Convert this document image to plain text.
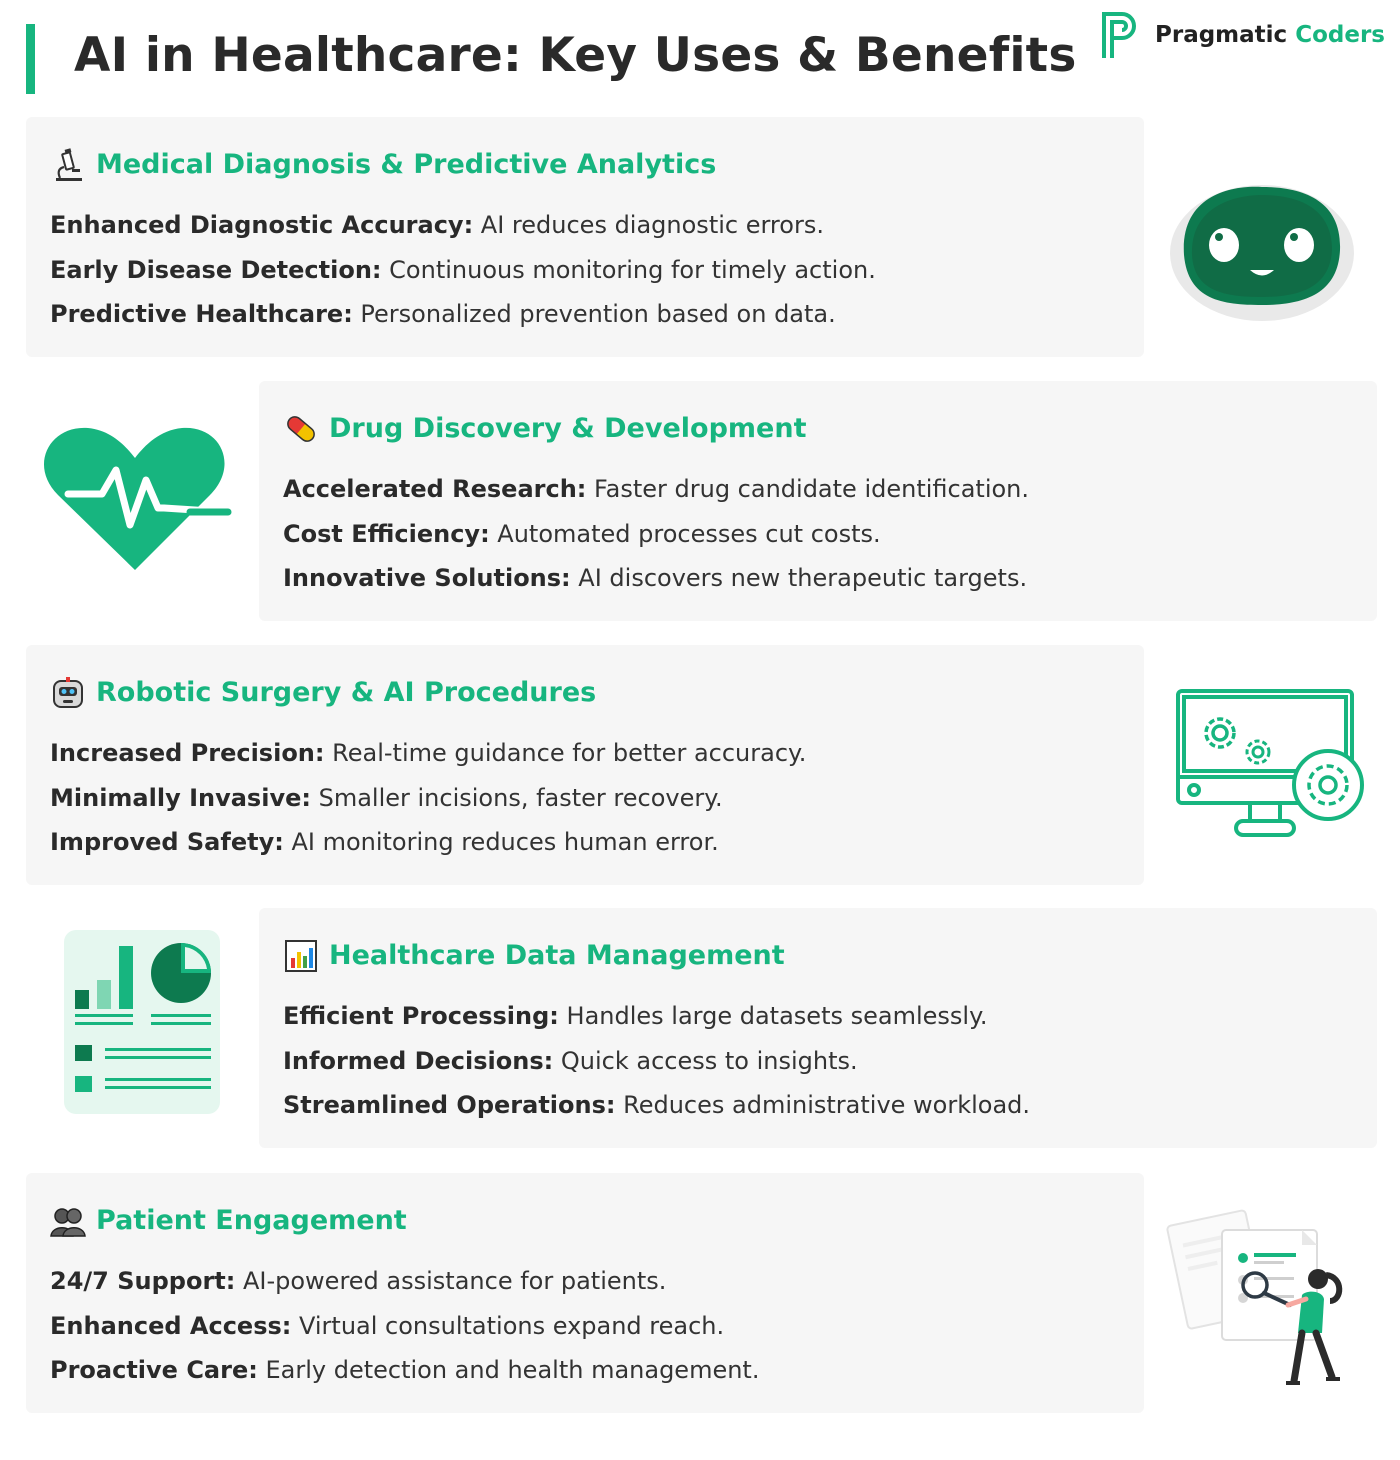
AI in Healthcare: Key Uses & Benefits	Pragmatic Coders
Medical Diagnosis & Predictive Analytics
Enhanced Diagnostic Accuracy: AI reduces diagnostic errors.
Early Disease Detection: Continuous monitoring for timely action.
Predictive Healthcare: Personalized prevention based on data.
Drug Discovery & Development
Accelerated Research: Faster drug candidate identification.
Cost Efficiency: Automated processes cut costs.
Innovative Solutions: AI discovers new therapeutic targets.
Robotic Surgery & AI Procedures
Increased Precision: Real-time guidance for better accuracy.
Minimally Invasive: Smaller incisions, faster recovery.
Improved Safety: AI monitoring reduces human error.
Healthcare Data Management
Efficient Processing: Handles large datasets seamlessly.
Informed Decisions: Quick access to insights.
Streamlined Operations: Reduces administrative workload.
Patient Engagement
24/7 Support: AI-powered assistance for patients.
Enhanced Access: Virtual consultations expand reach.
Proactive Care: Early detection and health management.
